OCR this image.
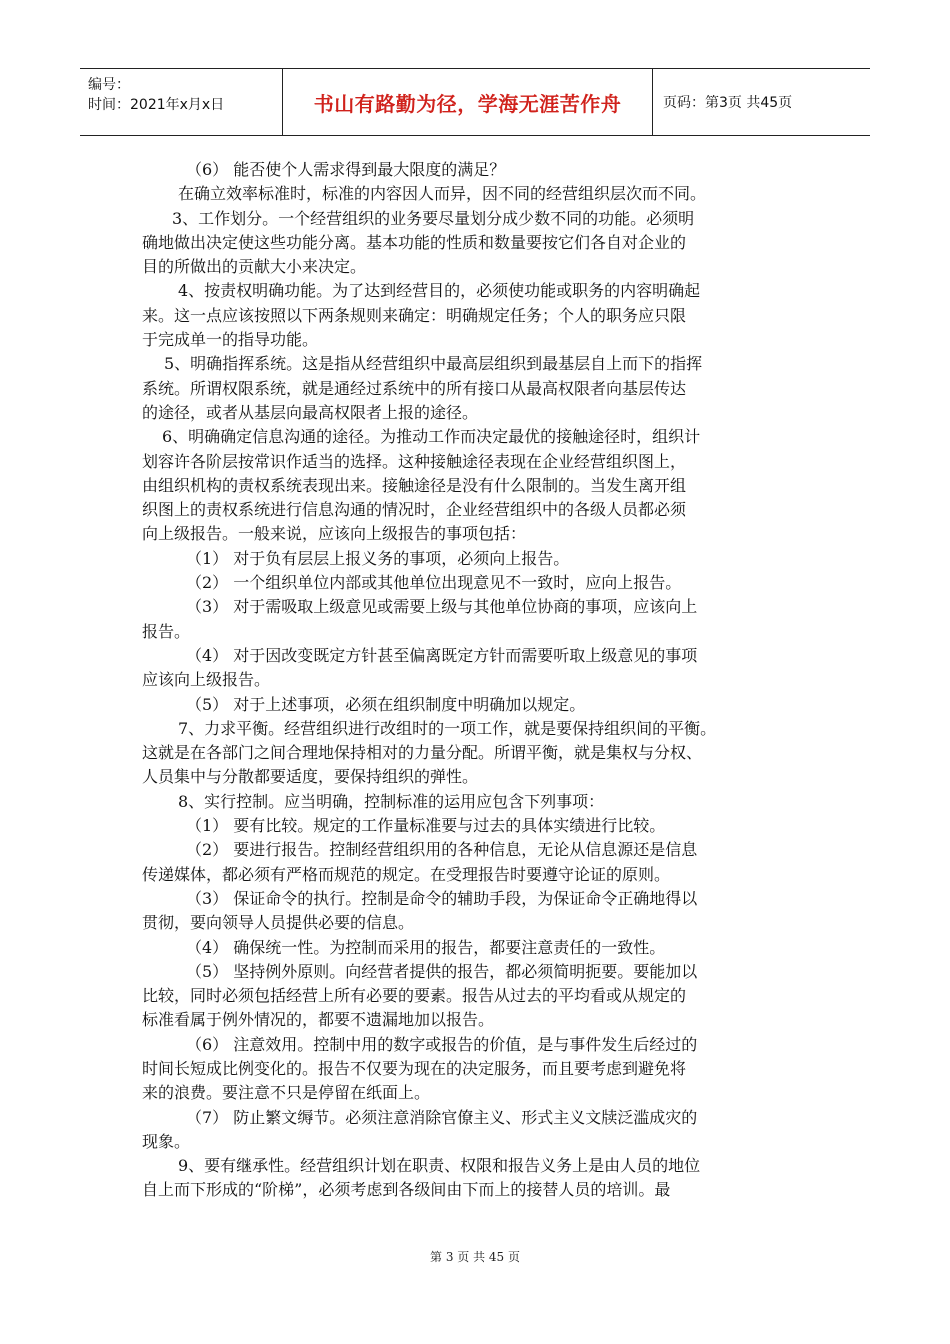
编号：
时间：2021年x月x日	书山有路勤为径，学海无涯苦作舟	页码：第3页 共45页
（6） 能否使个人需求得到最大限度的满足？
在确立效率标准时，标准的内容因人而异，因不同的经营组织层次而不同。
3、工作划分。一个经营组织的业务要尽量划分成少数不同的功能。必须明
确地做出决定使这些功能分离。基本功能的性质和数量要按它们各自对企业的
目的所做出的贡献大小来决定。
4、按责权明确功能。为了达到经营目的，必须使功能或职务的内容明确起
来。这一点应该按照以下两条规则来确定：明确规定任务；个人的职务应只限
于完成单一的指导功能。
5、明确指挥系统。这是指从经营组织中最高层组织到最基层自上而下的指挥
系统。所谓权限系统，就是通经过系统中的所有接口从最高权限者向基层传达
的途径，或者从基层向最高权限者上报的途径。
6、明确确定信息沟通的途径。为推动工作而决定最优的接触途径时，组织计
划容许各阶层按常识作适当的选择。这种接触途径表现在企业经营组织图上，
由组织机构的责权系统表现出来。接触途径是没有什么限制的。当发生离开组
织图上的责权系统进行信息沟通的情况时，企业经营组织中的各级人员都必须
向上级报告。一般来说，应该向上级报告的事项包括：
（1） 对于负有层层上报义务的事项，必须向上报告。
（2） 一个组织单位内部或其他单位出现意见不一致时，应向上报告。
（3） 对于需吸取上级意见或需要上级与其他单位协商的事项，应该向上
报告。
（4） 对于因改变既定方针甚至偏离既定方针而需要听取上级意见的事项
应该向上级报告。
（5） 对于上述事项，必须在组织制度中明确加以规定。
7、力求平衡。经营组织进行改组时的一项工作，就是要保持组织间的平衡。
这就是在各部门之间合理地保持相对的力量分配。所谓平衡，就是集权与分权、
人员集中与分散都要适度，要保持组织的弹性。
8、实行控制。应当明确，控制标准的运用应包含下列事项：
（1） 要有比较。规定的工作量标准要与过去的具体实绩进行比较。
（2） 要进行报告。控制经营组织用的各种信息，无论从信息源还是信息
传递媒体，都必须有严格而规范的规定。在受理报告时要遵守论证的原则。
（3） 保证命令的执行。控制是命令的辅助手段，为保证命令正确地得以
贯彻，要向领导人员提供必要的信息。
（4） 确保统一性。为控制而采用的报告，都要注意责任的一致性。
（5） 坚持例外原则。向经营者提供的报告，都必须简明扼要。要能加以
比较，同时必须包括经营上所有必要的要素。报告从过去的平均看或从规定的
标准看属于例外情况的，都要不遗漏地加以报告。
（6） 注意效用。控制中用的数字或报告的价值，是与事件发生后经过的
时间长短成比例变化的。报告不仅要为现在的决定服务，而且要考虑到避免将
来的浪费。要注意不只是停留在纸面上。
（7） 防止繁文缛节。必须注意消除官僚主义、形式主义文牍泛滥成灾的
现象。
9、要有继承性。经营组织计划在职责、权限和报告义务上是由人员的地位
自上而下形成的“阶梯”，必须考虑到各级间由下而上的接替人员的培训。最
第 3 页 共 45 页
